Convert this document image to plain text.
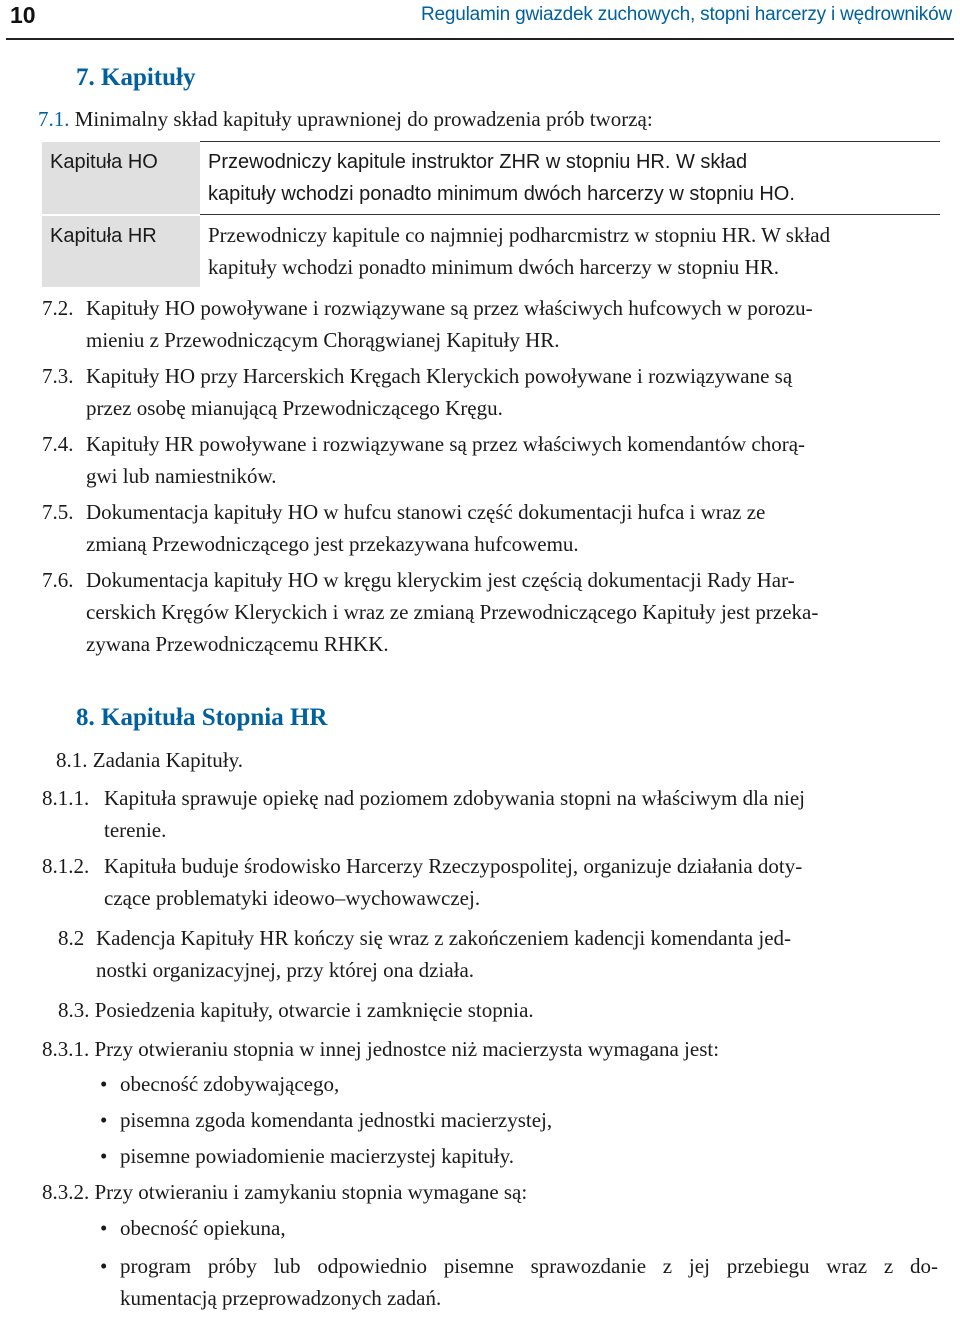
10	Regulamin gwiazdek zuchowych, stopni harcerzy i wędrowników
7. Kapituły
7.1. Minimalny skład kapituły uprawnionej do prowadzenia prób tworzą:
Kapituła HO	Przewodniczy kapitule instruktor ZHR w stopniu HR. W skład
kapituły wchodzi ponadto minimum dwóch harcerzy w stopniu HO.

Kapituła HR	Przewodniczy kapitule co najmniej podharcmistrz w stopniu HR. W skład
kapituły wchodzi ponadto minimum dwóch harcerzy w stopniu HR.
7.2. Kapituły HO powoływane i rozwiązywane są przez właściwych hufcowych w porozu-
mieniu z Przewodniczącym Chorągwianej Kapituły HR.
7.3. Kapituły HO przy Harcerskich Kręgach Kleryckich powoływane i rozwiązywane są
przez osobę mianującą Przewodniczącego Kręgu.
7.4. Kapituły HR powoływane i rozwiązywane są przez właściwych komendantów chorą-
gwi lub namiestników.
7.5. Dokumentacja kapituły HO w hufcu stanowi część dokumentacji hufca i wraz ze
zmianą Przewodniczącego jest przekazywana hufcowemu.
7.6. Dokumentacja kapituły HO w kręgu kleryckim jest częścią dokumentacji Rady Har-
cerskich Kręgów Kleryckich i wraz ze zmianą Przewodniczącego Kapituły jest przeka-
zywana Przewodniczącemu RHKK.
8. Kapituła Stopnia HR
8.1. Zadania Kapituły.
8.1.1. Kapituła sprawuje opiekę nad poziomem zdobywania stopni na właściwym dla niej
terenie.
8.1.2. Kapituła buduje środowisko Harcerzy Rzeczypospolitej, organizuje działania doty-
czące problematyki ideowo–wychowawczej.
8.2 Kadencja Kapituły HR kończy się wraz z zakończeniem kadencji komendanta jed-
nostki organizacyjnej, przy której ona działa.
8.3. Posiedzenia kapituły, otwarcie i zamknięcie stopnia.
8.3.1. Przy otwieraniu stopnia w innej jednostce niż macierzysta wymagana jest:
• obecność zdobywającego,
• pisemna zgoda komendanta jednostki macierzystej,
• pisemne powiadomienie macierzystej kapituły.
8.3.2. Przy otwieraniu i zamykaniu stopnia wymagane są:
• obecność opiekuna,
• program próby lub odpowiednio pisemne sprawozdanie z jej przebiegu wraz z do-
kumentacją przeprowadzonych zadań.
